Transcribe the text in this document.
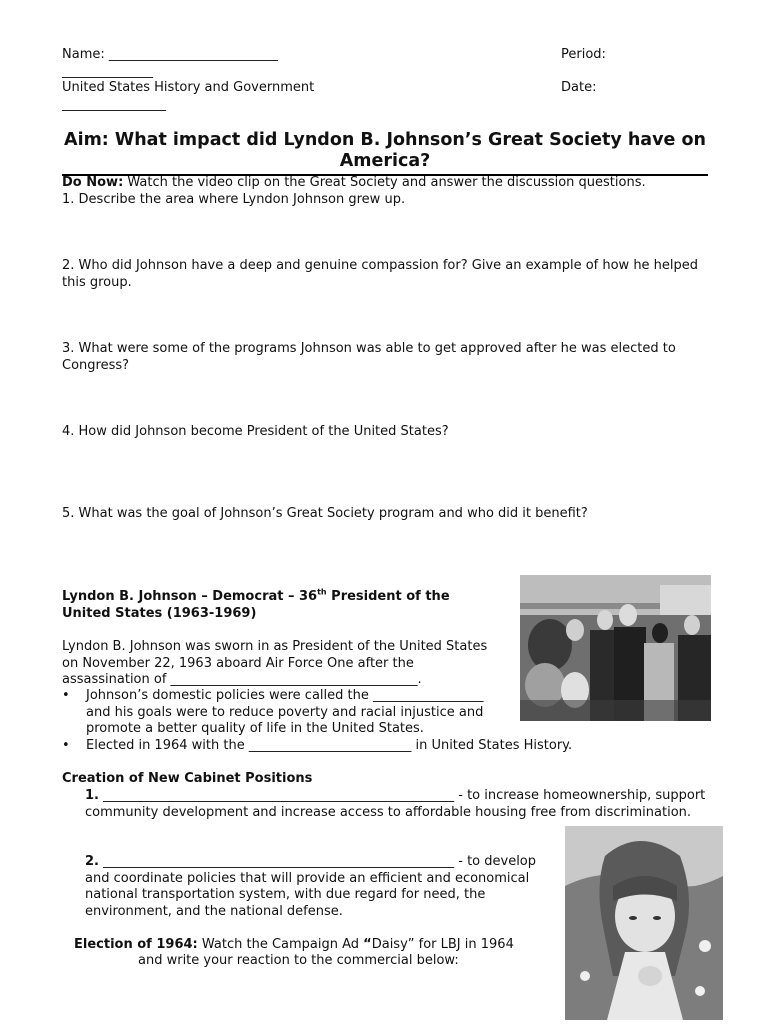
Name: __________________________
______________
Period:
United States History and Government
________________
Date:
Aim: What impact did Lyndon B. Johnson’s Great Society have on America?
Do Now: Watch the video clip on the Great Society and answer the discussion questions.
1. Describe the area where Lyndon Johnson grew up.
2. Who did Johnson have a deep and genuine compassion for? Give an example of how he helped this group.
3. What were some of the programs Johnson was able to get approved after he was elected to Congress?
4. How did Johnson become President of the United States?
5. What was the goal of Johnson’s Great Society program and who did it benefit?
Lyndon B. Johnson – Democrat – 36th President of the United States (1963-1969)
Lyndon B. Johnson was sworn in as President of the United States on November 22, 1963 aboard Air Force One after the assassination of ______________________________________.
• Johnson’s domestic policies were called the _________________ and his goals were to reduce poverty and racial injustice and promote a better quality of life in the United States.
• Elected in 1964 with the _________________________ in United States History.
Creation of New Cabinet Positions
1. ______________________________________________________ - to increase homeownership, support community development and increase access to affordable housing free from discrimination.
2. ______________________________________________________ - to develop and coordinate policies that will provide an efficient and economical national transportation system, with due regard for need, the environment, and the national defense.
Election of 1964: Watch the Campaign Ad “Daisy” for LBJ in 1964
and write your reaction to the commercial below:
